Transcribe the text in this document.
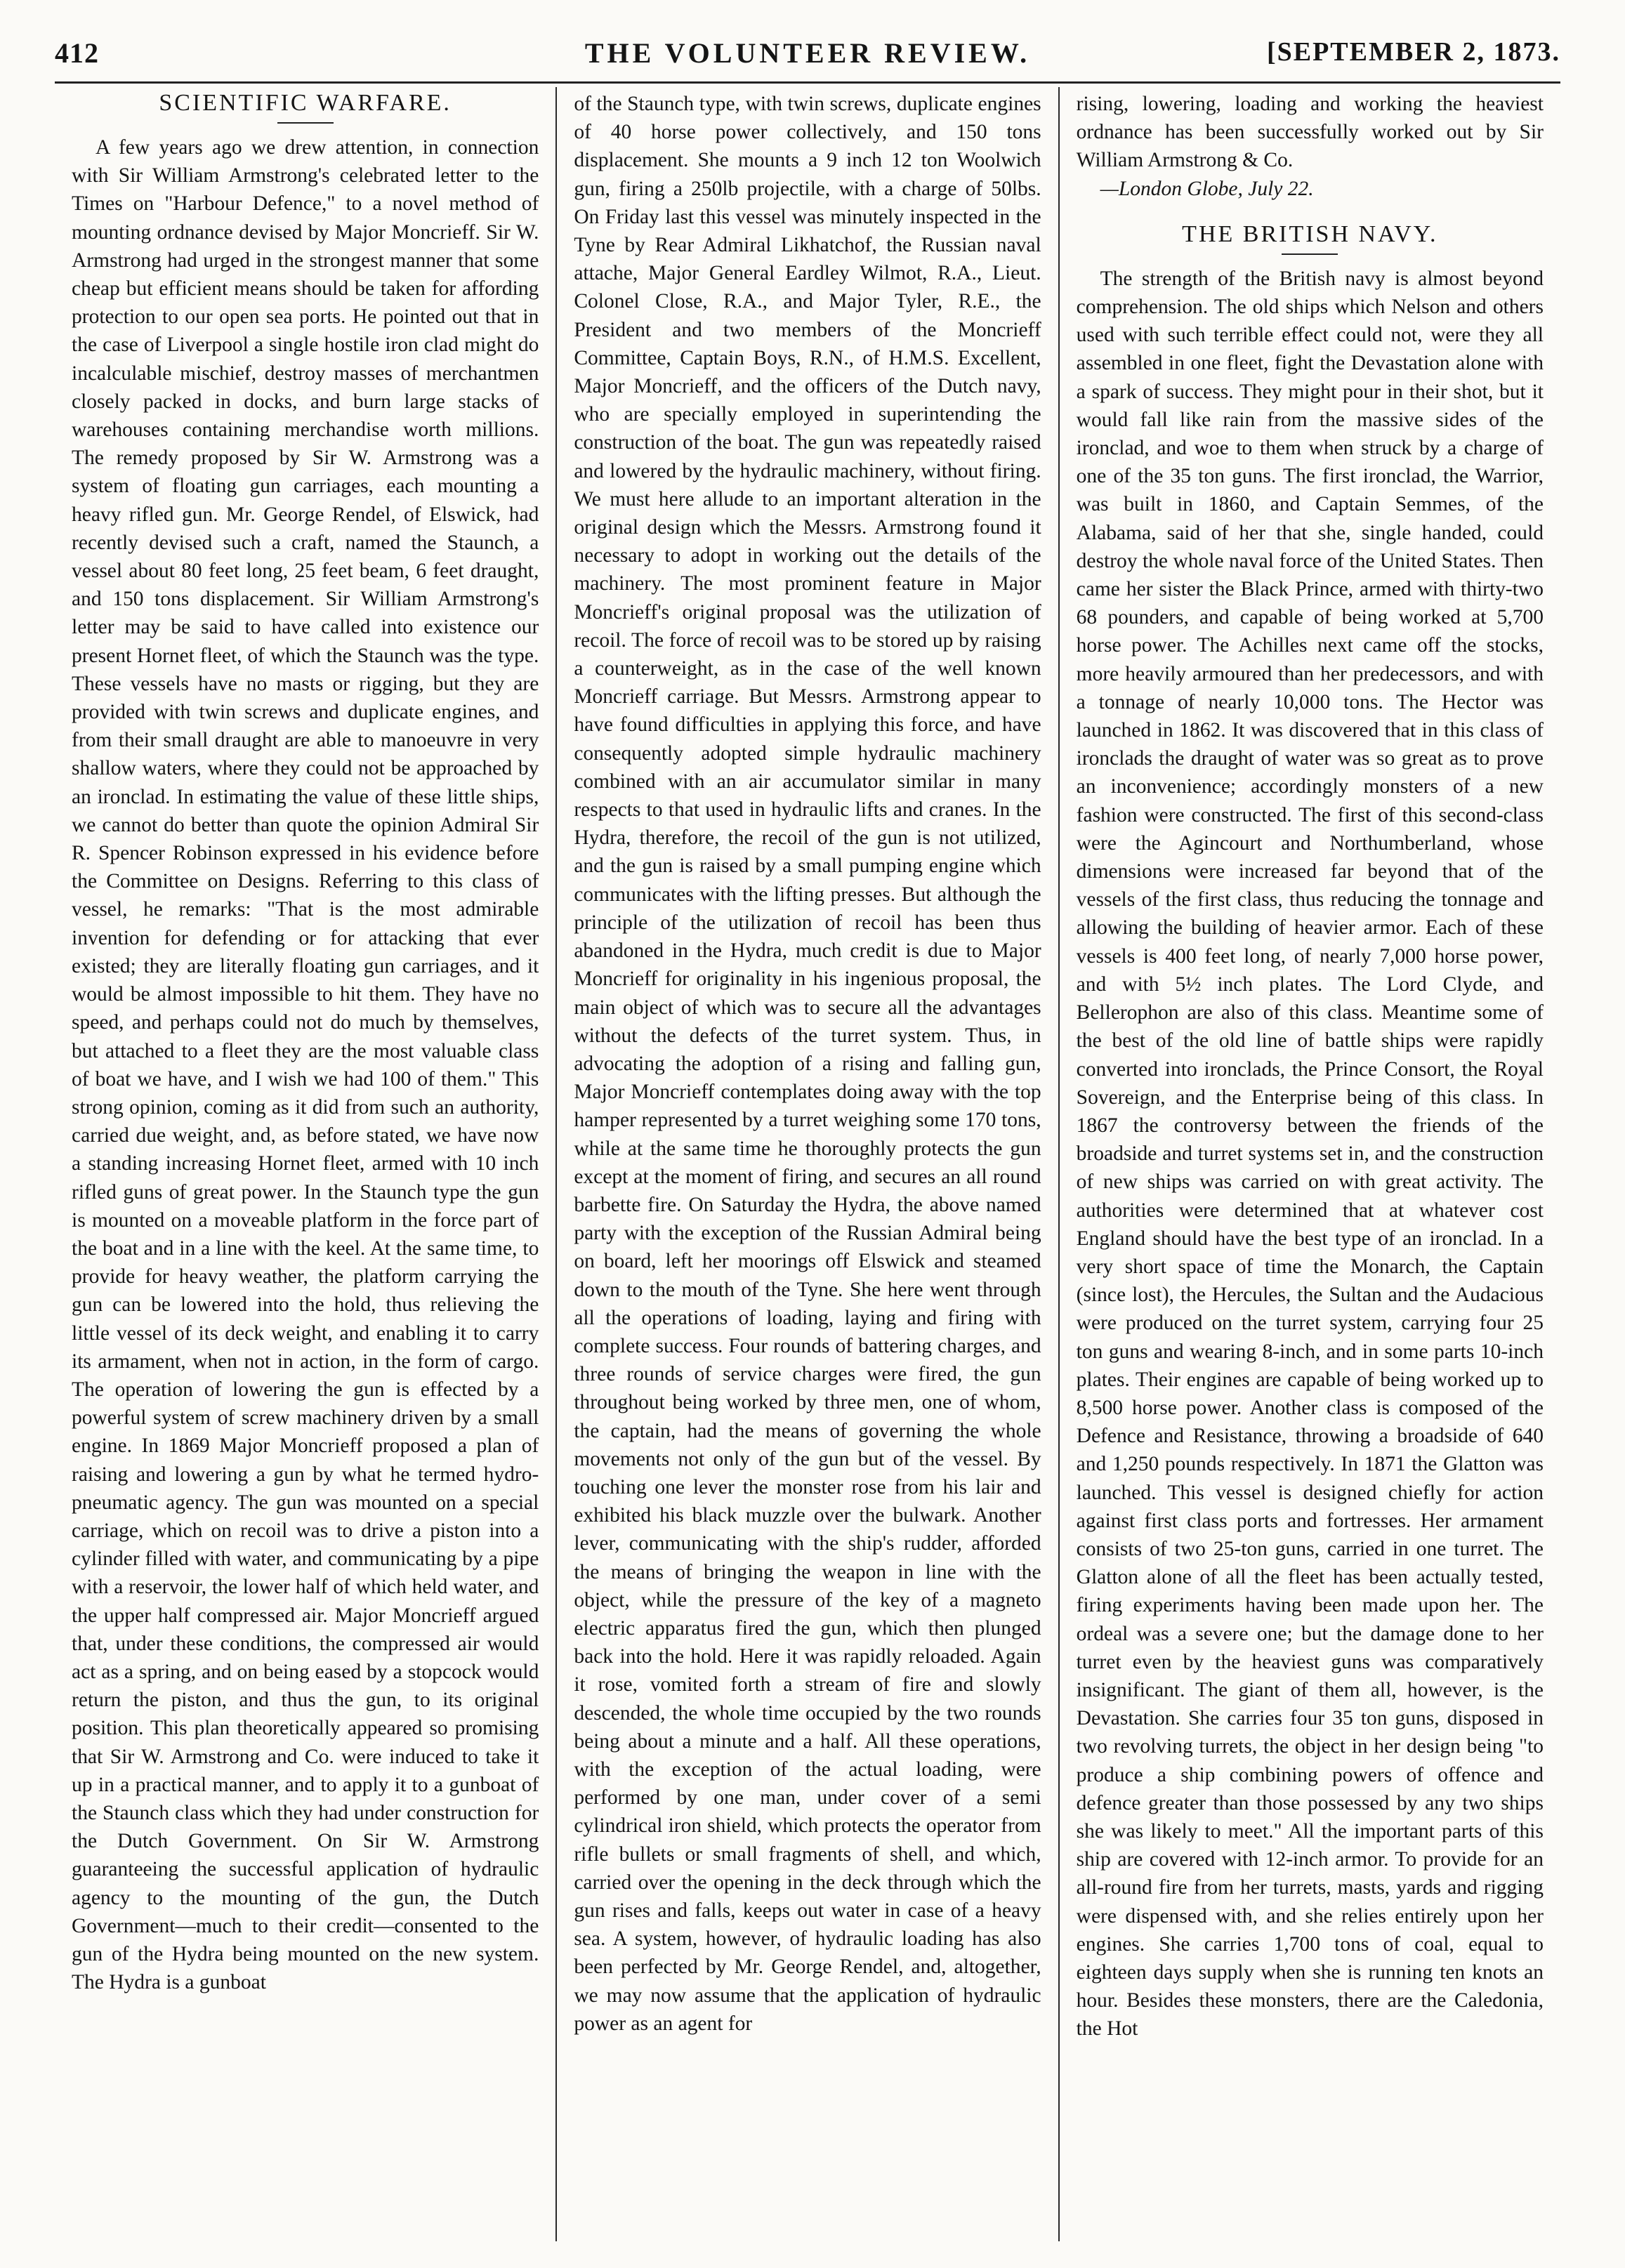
412	THE VOLUNTEER REVIEW.	[SEPTEMBER 2, 1873.
SCIENTIFIC WARFARE.

A few years ago we drew attention, in connection with Sir William Armstrong's celebrated letter to the Times on "Harbour Defence," to a novel method of mounting ordnance devised by Major Moncrieff. Sir W. Armstrong had urged in the strongest manner that some cheap but efficient means should be taken for affording protection to our open sea ports. He pointed out that in the case of Liverpool a single hostile iron clad might do incalculable mischief, destroy masses of merchantmen closely packed in docks, and burn large stacks of warehouses containing merchandise worth millions. The remedy proposed by Sir W. Armstrong was a system of floating gun carriages, each mounting a heavy rifled gun. Mr. George Rendel, of Elswick, had recently devised such a craft, named the Staunch, a vessel about 80 feet long, 25 feet beam, 6 feet draught, and 150 tons displacement. Sir William Armstrong's letter may be said to have called into existence our present Hornet fleet, of which the Staunch was the type. These vessels have no masts or rigging, but they are provided with twin screws and duplicate engines, and from their small draught are able to manoeuvre in very shallow waters, where they could not be approached by an ironclad. In estimating the value of these little ships, we cannot do better than quote the opinion Admiral Sir R. Spencer Robinson expressed in his evidence before the Committee on Designs. Referring to this class of vessel, he remarks: "That is the most admirable invention for defending or for attacking that ever existed; they are literally floating gun carriages, and it would be almost impossible to hit them. They have no speed, and perhaps could not do much by themselves, but attached to a fleet they are the most valuable class of boat we have, and I wish we had 100 of them." This strong opinion, coming as it did from such an authority, carried due weight, and, as before stated, we have now a standing increasing Hornet fleet, armed with 10 inch rifled guns of great power. In the Staunch type the gun is mounted on a moveable platform in the force part of the boat and in a line with the keel. At the same time, to provide for heavy weather, the platform carrying the gun can be lowered into the hold, thus relieving the little vessel of its deck weight, and enabling it to carry its armament, when not in action, in the form of cargo. The operation of lowering the gun is effected by a powerful system of screw machinery driven by a small engine. In 1869 Major Moncrieff proposed a plan of raising and lowering a gun by what he termed hydro-pneumatic agency. The gun was mounted on a special carriage, which on recoil was to drive a piston into a cylinder filled with water, and communicating by a pipe with a reservoir, the lower half of which held water, and the upper half compressed air. Major Moncrieff argued that, under these conditions, the compressed air would act as a spring, and on being eased by a stopcock would return the piston, and thus the gun, to its original position. This plan theoretically appeared so promising that Sir W. Armstrong and Co. were induced to take it up in a practical manner, and to apply it to a gunboat of the Staunch class which they had under construction for the Dutch Government. On Sir W. Armstrong guaranteeing the successful application of hydraulic agency to the mounting of the gun, the Dutch Government—much to their credit—consented to the gun of the Hydra being mounted on the new system. The Hydra is a gunboat

of the Staunch type, with twin screws, duplicate engines of 40 horse power collectively, and 150 tons displacement. She mounts a 9 inch 12 ton Woolwich gun, firing a 250lb projectile, with a charge of 50lbs. On Friday last this vessel was minutely inspected in the Tyne by Rear Admiral Likhatchof, the Russian naval attache, Major General Eardley Wilmot, R.A., Lieut. Colonel Close, R.A., and Major Tyler, R.E., the President and two members of the Moncrieff Committee, Captain Boys, R.N., of H.M.S. Excellent, Major Moncrieff, and the officers of the Dutch navy, who are specially employed in superintending the construction of the boat. The gun was repeatedly raised and lowered by the hydraulic machinery, without firing. We must here allude to an important alteration in the original design which the Messrs. Armstrong found it necessary to adopt in working out the details of the machinery. The most prominent feature in Major Moncrieff's original proposal was the utilization of recoil. The force of recoil was to be stored up by raising a counterweight, as in the case of the well known Moncrieff carriage. But Messrs. Armstrong appear to have found difficulties in applying this force, and have consequently adopted simple hydraulic machinery combined with an air accumulator similar in many respects to that used in hydraulic lifts and cranes. In the Hydra, therefore, the recoil of the gun is not utilized, and the gun is raised by a small pumping engine which communicates with the lifting presses. But although the principle of the utilization of recoil has been thus abandoned in the Hydra, much credit is due to Major Moncrieff for originality in his ingenious proposal, the main object of which was to secure all the advantages without the defects of the turret system. Thus, in advocating the adoption of a rising and falling gun, Major Moncrieff contemplates doing away with the top hamper represented by a turret weighing some 170 tons, while at the same time he thoroughly protects the gun except at the moment of firing, and secures an all round barbette fire. On Saturday the Hydra, the above named party with the exception of the Russian Admiral being on board, left her moorings off Elswick and steamed down to the mouth of the Tyne. She here went through all the operations of loading, laying and firing with complete success. Four rounds of battering charges, and three rounds of service charges were fired, the gun throughout being worked by three men, one of whom, the captain, had the means of governing the whole movements not only of the gun but of the vessel. By touching one lever the monster rose from his lair and exhibited his black muzzle over the bulwark. Another lever, communicating with the ship's rudder, afforded the means of bringing the weapon in line with the object, while the pressure of the key of a magneto electric apparatus fired the gun, which then plunged back into the hold. Here it was rapidly reloaded. Again it rose, vomited forth a stream of fire and slowly descended, the whole time occupied by the two rounds being about a minute and a half. All these operations, with the exception of the actual loading, were performed by one man, under cover of a semi cylindrical iron shield, which protects the operator from rifle bullets or small fragments of shell, and which, carried over the opening in the deck through which the gun rises and falls, keeps out water in case of a heavy sea. A system, however, of hydraulic loading has also been perfected by Mr. George Rendel, and, altogether, we may now assume that the application of hydraulic power as an agent for

rising, lowering, loading and working the heaviest ordnance has been successfully worked out by Sir William Armstrong & Co.

—London Globe, July 22.

THE BRITISH NAVY.

The strength of the British navy is almost beyond comprehension. The old ships which Nelson and others used with such terrible effect could not, were they all assembled in one fleet, fight the Devastation alone with a spark of success. They might pour in their shot, but it would fall like rain from the massive sides of the ironclad, and woe to them when struck by a charge of one of the 35 ton guns. The first ironclad, the Warrior, was built in 1860, and Captain Semmes, of the Alabama, said of her that she, single handed, could destroy the whole naval force of the United States. Then came her sister the Black Prince, armed with thirty-two 68 pounders, and capable of being worked at 5,700 horse power. The Achilles next came off the stocks, more heavily armoured than her predecessors, and with a tonnage of nearly 10,000 tons. The Hector was launched in 1862. It was discovered that in this class of ironclads the draught of water was so great as to prove an inconvenience; accordingly monsters of a new fashion were constructed. The first of this second-class were the Agincourt and Northumberland, whose dimensions were increased far beyond that of the vessels of the first class, thus reducing the tonnage and allowing the building of heavier armor. Each of these vessels is 400 feet long, of nearly 7,000 horse power, and with 5½ inch plates. The Lord Clyde, and Bellerophon are also of this class. Meantime some of the best of the old line of battle ships were rapidly converted into ironclads, the Prince Consort, the Royal Sovereign, and the Enterprise being of this class. In 1867 the controversy between the friends of the broadside and turret systems set in, and the construction of new ships was carried on with great activity. The authorities were determined that at whatever cost England should have the best type of an ironclad. In a very short space of time the Monarch, the Captain (since lost), the Hercules, the Sultan and the Audacious were produced on the turret system, carrying four 25 ton guns and wearing 8-inch, and in some parts 10-inch plates. Their engines are capable of being worked up to 8,500 horse power. Another class is composed of the Defence and Resistance, throwing a broadside of 640 and 1,250 pounds respectively. In 1871 the Glatton was launched. This vessel is designed chiefly for action against first class ports and fortresses. Her armament consists of two 25-ton guns, carried in one turret. The Glatton alone of all the fleet has been actually tested, firing experiments having been made upon her. The ordeal was a severe one; but the damage done to her turret even by the heaviest guns was comparatively insignificant. The giant of them all, however, is the Devastation. She carries four 35 ton guns, disposed in two revolving turrets, the object in her design being "to produce a ship combining powers of offence and defence greater than those possessed by any two ships she was likely to meet." All the important parts of this ship are covered with 12-inch armor. To provide for an all-round fire from her turrets, masts, yards and rigging were dispensed with, and she relies entirely upon her engines. She carries 1,700 tons of coal, equal to eighteen days supply when she is running ten knots an hour. Besides these monsters, there are the Caledonia, the Hot
